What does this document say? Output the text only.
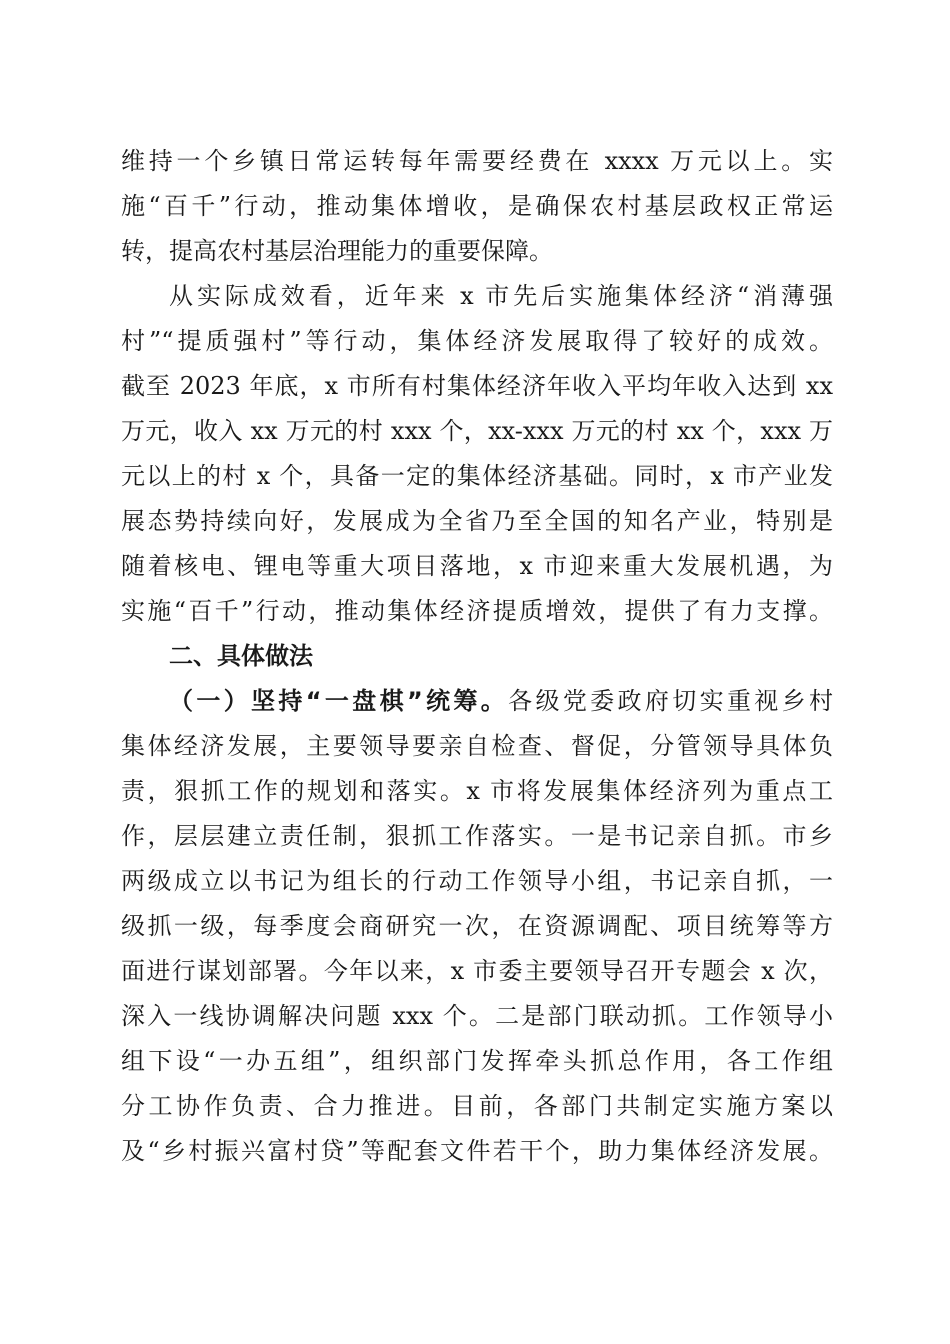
维持一个乡镇日常运转每年需要经费在 xxxx 万元以上。实
施“百千”行动，推动集体增收，是确保农村基层政权正常运
转，提高农村基层治理能力的重要保障。
从实际成效看，近年来 x 市先后实施集体经济“消薄强
村”“提质强村”等行动，集体经济发展取得了较好的成效。
截至 2023 年底，x 市所有村集体经济年收入平均年收入达到 xx
万元，收入 xx 万元的村 xxx 个，xx-xxx 万元的村 xx 个，xxx 万
元以上的村 x 个，具备一定的集体经济基础。同时，x 市产业发
展态势持续向好，发展成为全省乃至全国的知名产业，特别是
随着核电、锂电等重大项目落地，x 市迎来重大发展机遇，为
实施“百千”行动，推动集体经济提质增效，提供了有力支撑。
二、具体做法
（一）坚持“一盘棋”统筹。各级党委政府切实重视乡村
集体经济发展，主要领导要亲自检查、督促，分管领导具体负
责，狠抓工作的规划和落实。x 市将发展集体经济列为重点工
作，层层建立责任制，狠抓工作落实。一是书记亲自抓。市乡
两级成立以书记为组长的行动工作领导小组，书记亲自抓，一
级抓一级，每季度会商研究一次，在资源调配、项目统筹等方
面进行谋划部署。今年以来，x 市委主要领导召开专题会 x 次，
深入一线协调解决问题 xxx 个。二是部门联动抓。工作领导小
组下设“一办五组”，组织部门发挥牵头抓总作用，各工作组
分工协作负责、合力推进。目前，各部门共制定实施方案以
及“乡村振兴富村贷”等配套文件若干个，助力集体经济发展。
